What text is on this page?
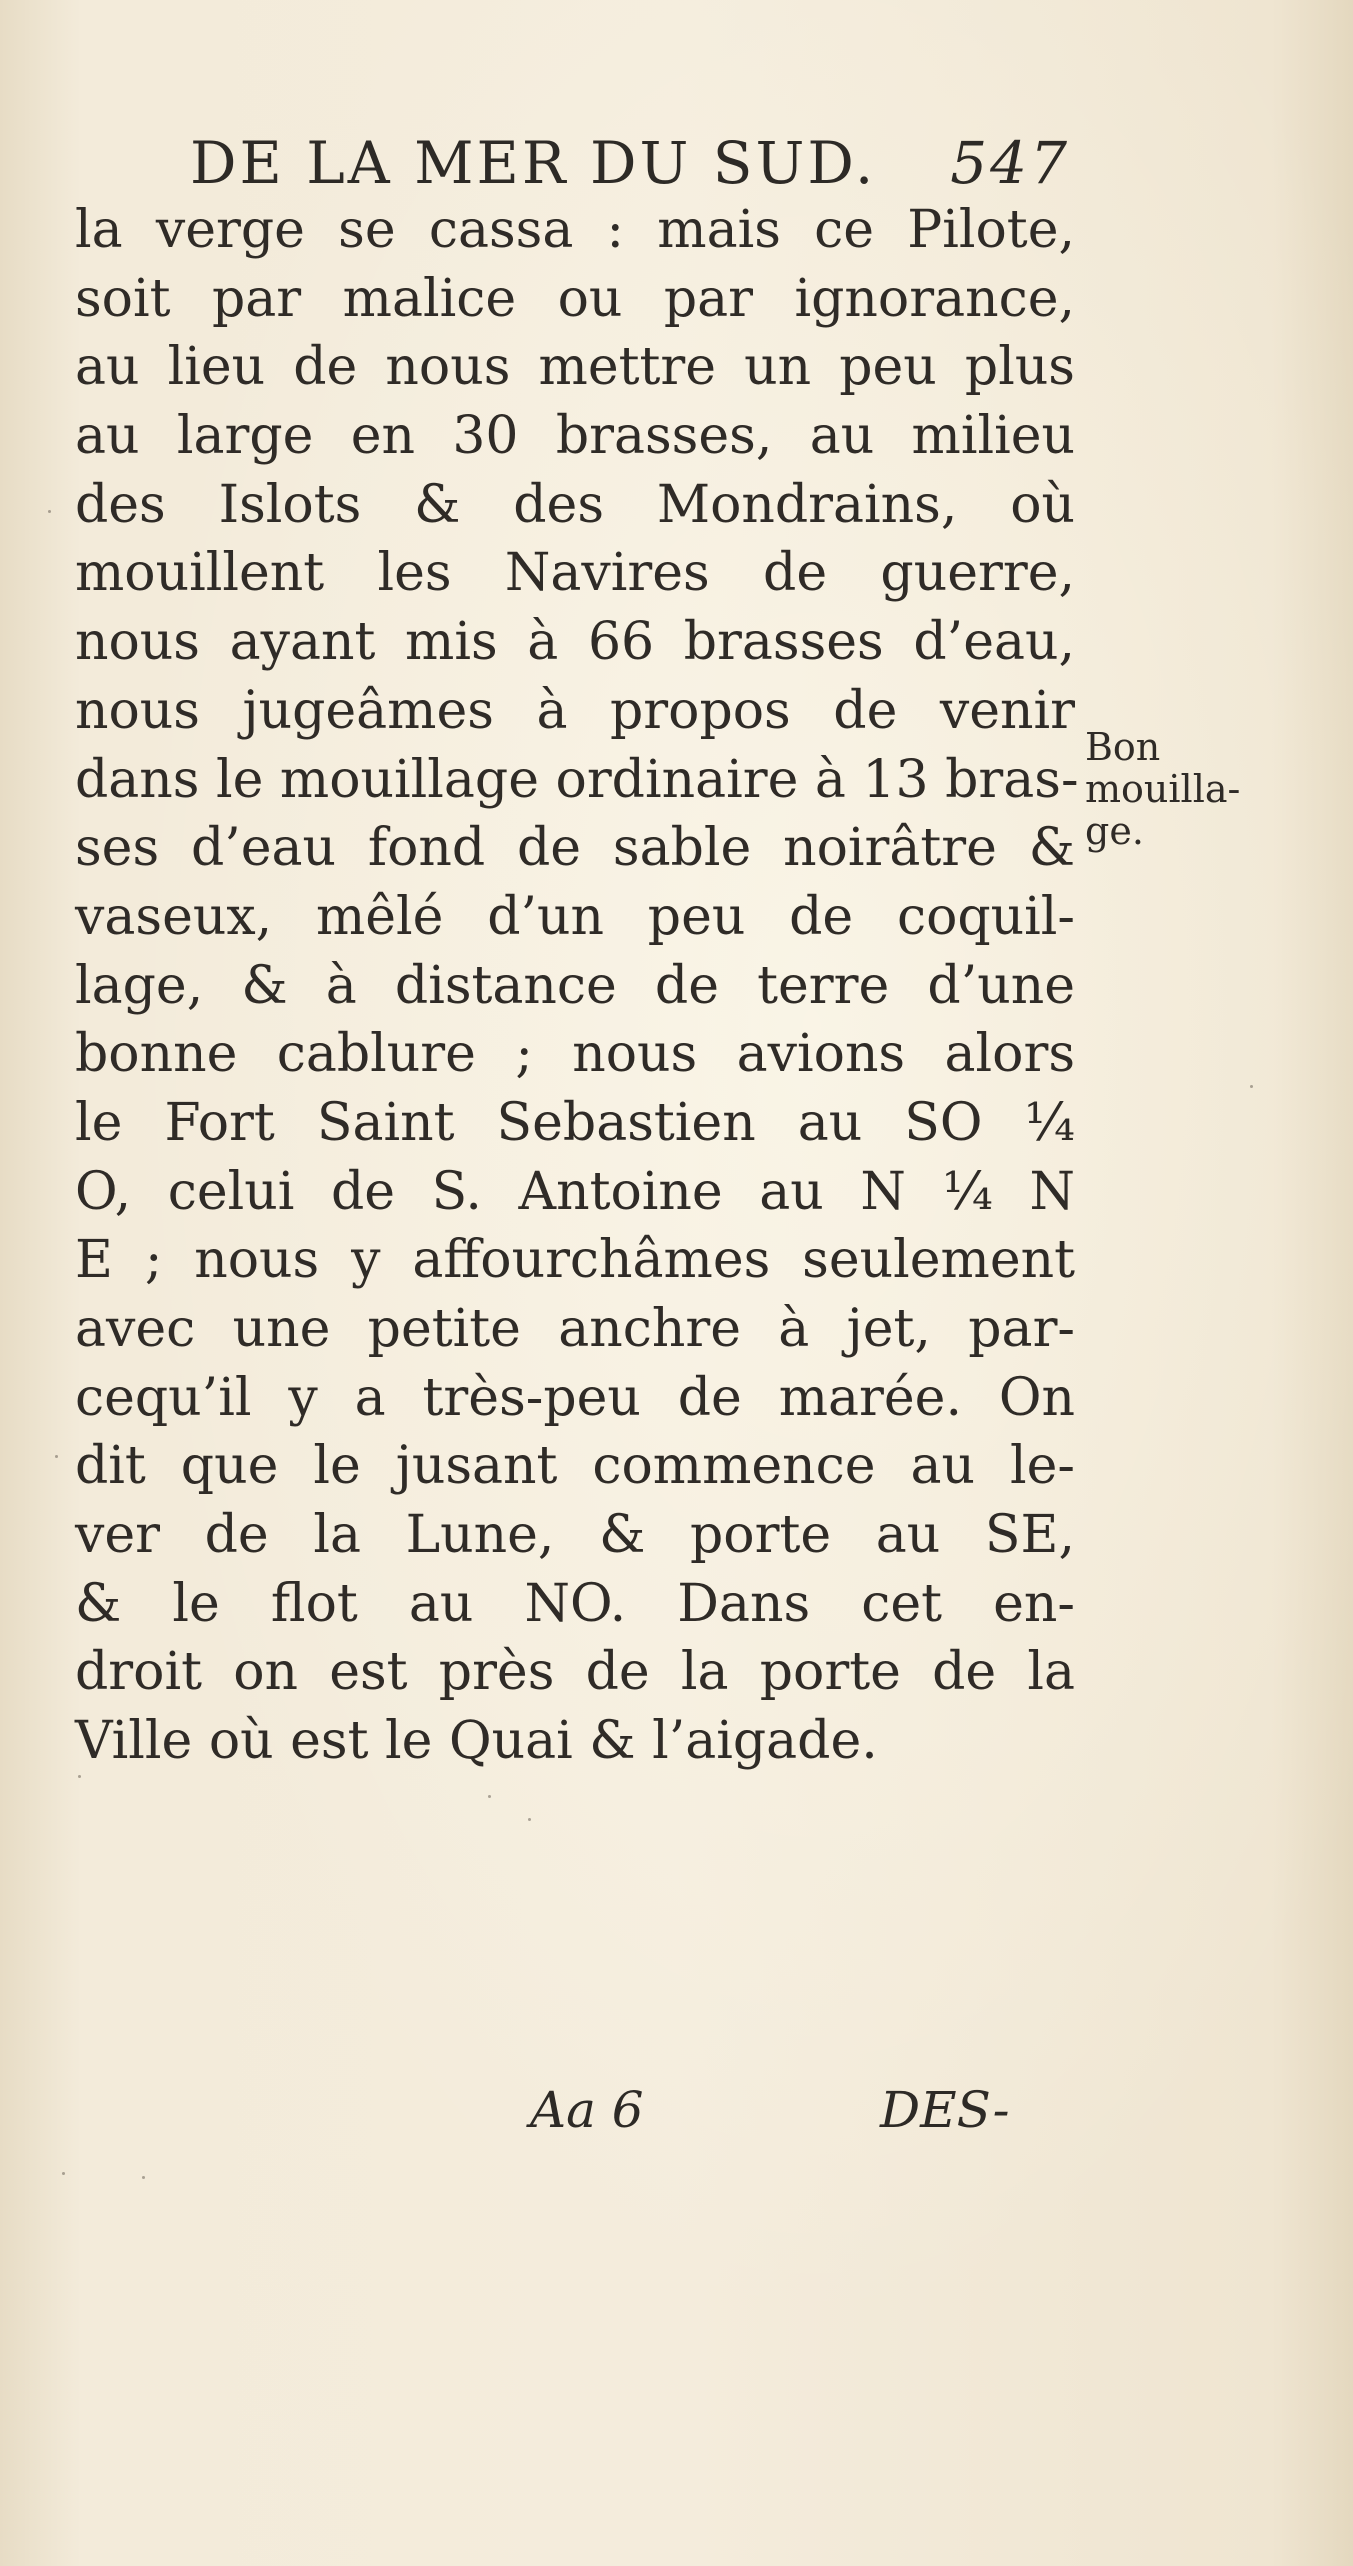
DE LA MER DU SUD. 547
la verge se cassa : mais ce Pilote,
soit par malice ou par ignorance,
au lieu de nous mettre un peu plus
au large en 30 brasses, au milieu
des Islots & des Mondrains, où
mouillent les Navires de guerre,
nous ayant mis à 66 brasses d’eau,
nous jugeâmes à propos de venir
dans le mouillage ordinaire à 13 bras-
ses d’eau fond de sable noirâtre &
vaseux, mêlé d’un peu de coquil-
lage, & à distance de terre d’une
bonne cablure ; nous avions alors
le Fort Saint Sebastien au SO ¼
O, celui de S. Antoine au N ¼ N
E ; nous y affourchâmes seulement
avec une petite anchre à jet, par-
cequ’il y a très-peu de marée. On
dit que le jusant commence au le-
ver de la Lune, & porte au SE,
& le flot au NO. Dans cet en-
droit on est près de la porte de la
Ville où est le Quai & l’aigade.
Bon
mouilla-
ge.
Aa 6	DES-
